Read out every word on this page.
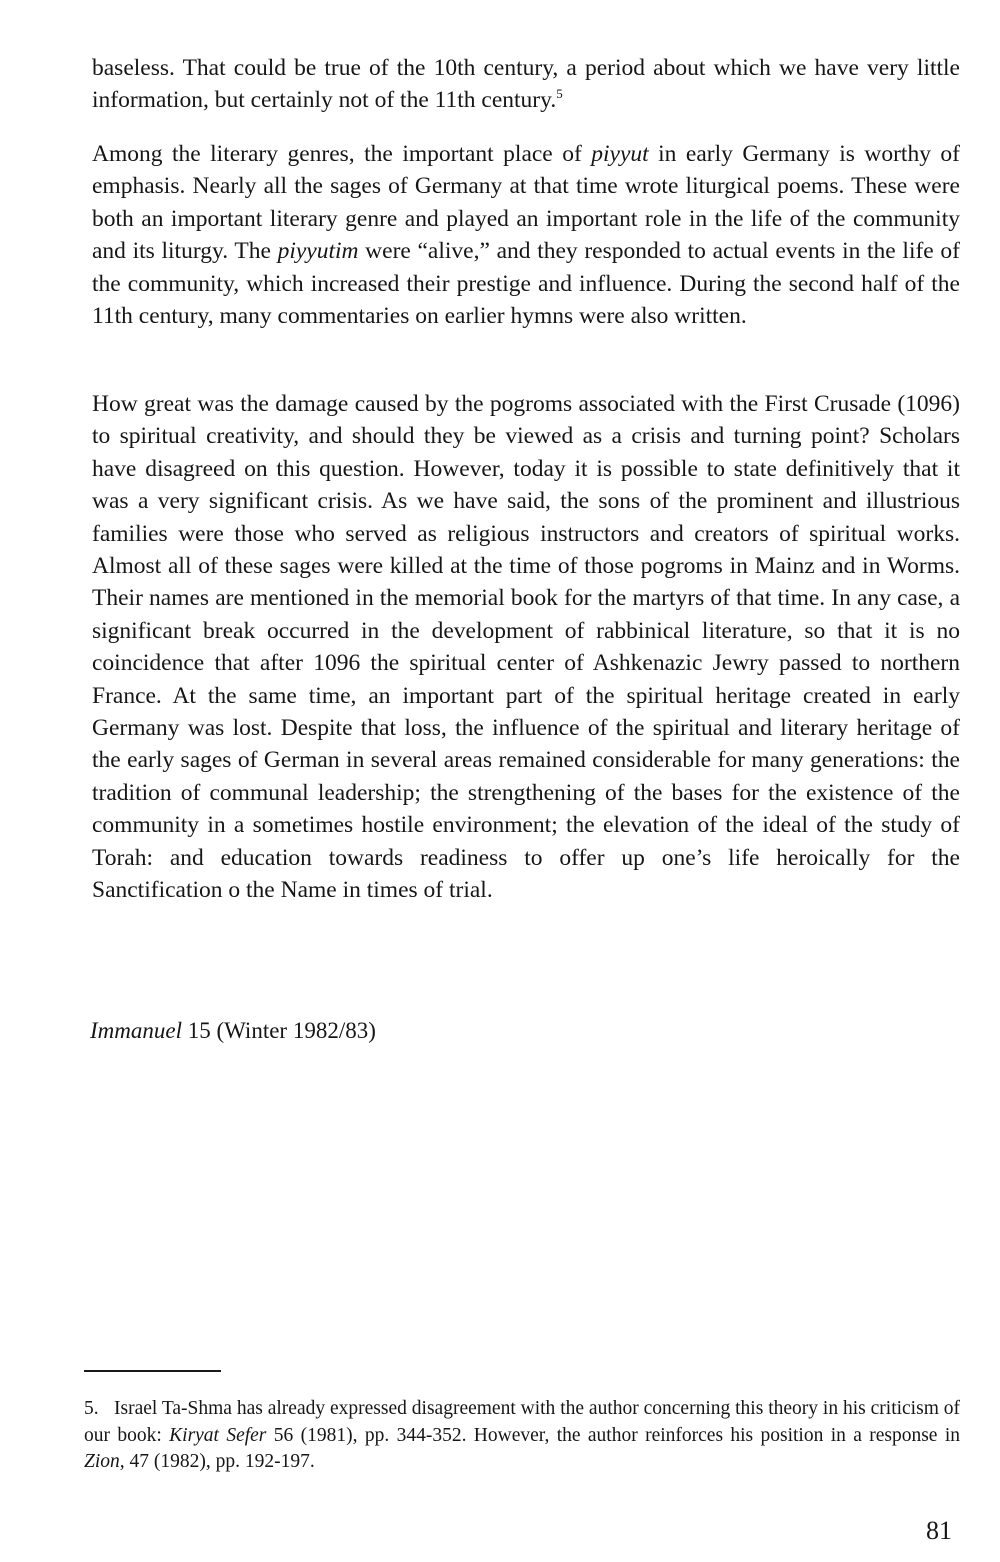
baseless. That could be true of the 10th century, a period about which we have very little information, but certainly not of the 11th century.$^5$

Among the literary genres, the important place of piyyut in early Germany is worthy of emphasis. Nearly all the sages of Germany at that time wrote liturgical poems. These were both an important literary genre and played an important role in the life of the community and its liturgy. The piyyutim were “alive,” and they responded to actual events in the life of the community, which increased their prestige and influence. During the second half of the 11th century, many commentaries on earlier hymns were also written.

How great was the damage caused by the pogroms associated with the First Crusade (1096) to spiritual creativity, and should they be viewed as a crisis and turning point? Scholars have disagreed on this question. However, today it is possible to state definitively that it was a very significant crisis. As we have said, the sons of the prominent and illustrious families were those who served as religious instructors and creators of spiritual works. Almost all of these sages were killed at the time of those pogroms in Mainz and in Worms. Their names are mentioned in the memorial book for the martyrs of that time. In any case, a significant break occurred in the development of rabbinical literature, so that it is no coincidence that after 1096 the spiritual center of Ashkenazic Jewry passed to northern France. At the same time, an important part of the spiritual heritage created in early Germany was lost. Despite that loss, the influence of the spiritual and literary heritage of the early sages of German in several areas remained considerable for many generations: the tradition of communal leadership; the strengthening of the bases for the existence of the community in a sometimes hostile environment; the elevation of the ideal of the study of Torah: and education towards readiness to offer up one’s life heroically for the Sanctification o the Name in times of trial.

Immanuel 15 (Winter 1982/83)

5. Israel Ta-Shma has already expressed disagreement with the author concerning this theory in his criticism of our book: Kiryat Sefer 56 (1981), pp. 344-352. However, the author reinforces his position in a response in Zion, 47 (1982), pp. 192-197.

81
